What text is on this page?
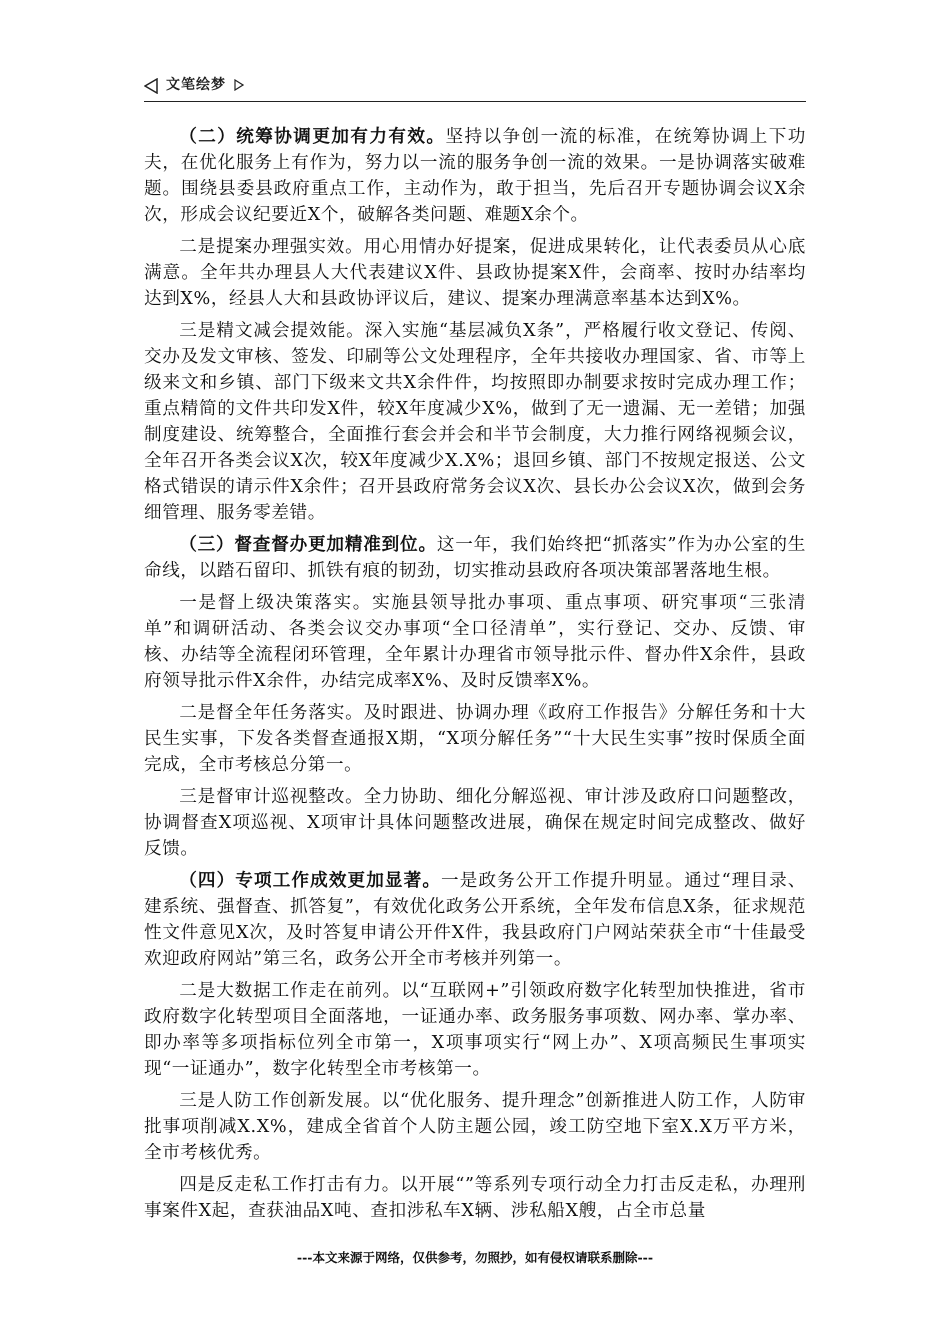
文笔绘梦

（二）统筹协调更加有力有效。坚持以争创一流的标准，在统筹协调上下功夫，在优化服务上有作为，努力以一流的服务争创一流的效果。一是协调落实破难题。围绕县委县政府重点工作，主动作为，敢于担当，先后召开专题协调会议X余次，形成会议纪要近X个，破解各类问题、难题X余个。

二是提案办理强实效。用心用情办好提案，促进成果转化，让代表委员从心底满意。全年共办理县人大代表建议X件、县政协提案X件，会商率、按时办结率均达到X%，经县人大和县政协评议后，建议、提案办理满意率基本达到X%。

三是精文减会提效能。深入实施“基层减负X条”，严格履行收文登记、传阅、交办及发文审核、签发、印刷等公文处理程序，全年共接收办理国家、省、市等上级来文和乡镇、部门下级来文共X余件件，均按照即办制要求按时完成办理工作；重点精简的文件共印发X件，较X年度减少X%，做到了无一遗漏、无一差错；加强制度建设、统筹整合，全面推行套会并会和半节会制度，大力推行网络视频会议，全年召开各类会议X次，较X年度减少X.X%；退回乡镇、部门不按规定报送、公文格式错误的请示件X余件；召开县政府常务会议X次、县长办公会议X次，做到会务细管理、服务零差错。

（三）督查督办更加精准到位。这一年，我们始终把“抓落实”作为办公室的生命线，以踏石留印、抓铁有痕的韧劲，切实推动县政府各项决策部署落地生根。

一是督上级决策落实。实施县领导批办事项、重点事项、研究事项“三张清单”和调研活动、各类会议交办事项“全口径清单”，实行登记、交办、反馈、审核、办结等全流程闭环管理，全年累计办理省市领导批示件、督办件X余件，县政府领导批示件X余件，办结完成率X%、及时反馈率X%。

二是督全年任务落实。及时跟进、协调办理《政府工作报告》分解任务和十大民生实事，下发各类督查通报X期，“X项分解任务”“十大民生实事”按时保质全面完成，全市考核总分第一。

三是督审计巡视整改。全力协助、细化分解巡视、审计涉及政府口问题整改，协调督查X项巡视、X项审计具体问题整改进展，确保在规定时间完成整改、做好反馈。

（四）专项工作成效更加显著。一是政务公开工作提升明显。通过“理目录、建系统、强督查、抓答复”，有效优化政务公开系统，全年发布信息X条，征求规范性文件意见X次，及时答复申请公开件X件，我县政府门户网站荣获全市“十佳最受欢迎政府网站”第三名，政务公开全市考核并列第一。

二是大数据工作走在前列。以“互联网+”引领政府数字化转型加快推进，省市政府数字化转型项目全面落地，一证通办率、政务服务事项数、网办率、掌办率、即办率等多项指标位列全市第一，X项事项实行“网上办”、X项高频民生事项实现“一证通办”，数字化转型全市考核第一。

三是人防工作创新发展。以“优化服务、提升理念”创新推进人防工作，人防审批事项削减X.X%，建成全省首个人防主题公园，竣工防空地下室X.X万平方米，全市考核优秀。

四是反走私工作打击有力。以开展“”等系列专项行动全力打击反走私，办理刑事案件X起，查获油品X吨、查扣涉私车X辆、涉私船X艘，占全市总量

---本文来源于网络，仅供参考，勿照抄，如有侵权请联系删除---
